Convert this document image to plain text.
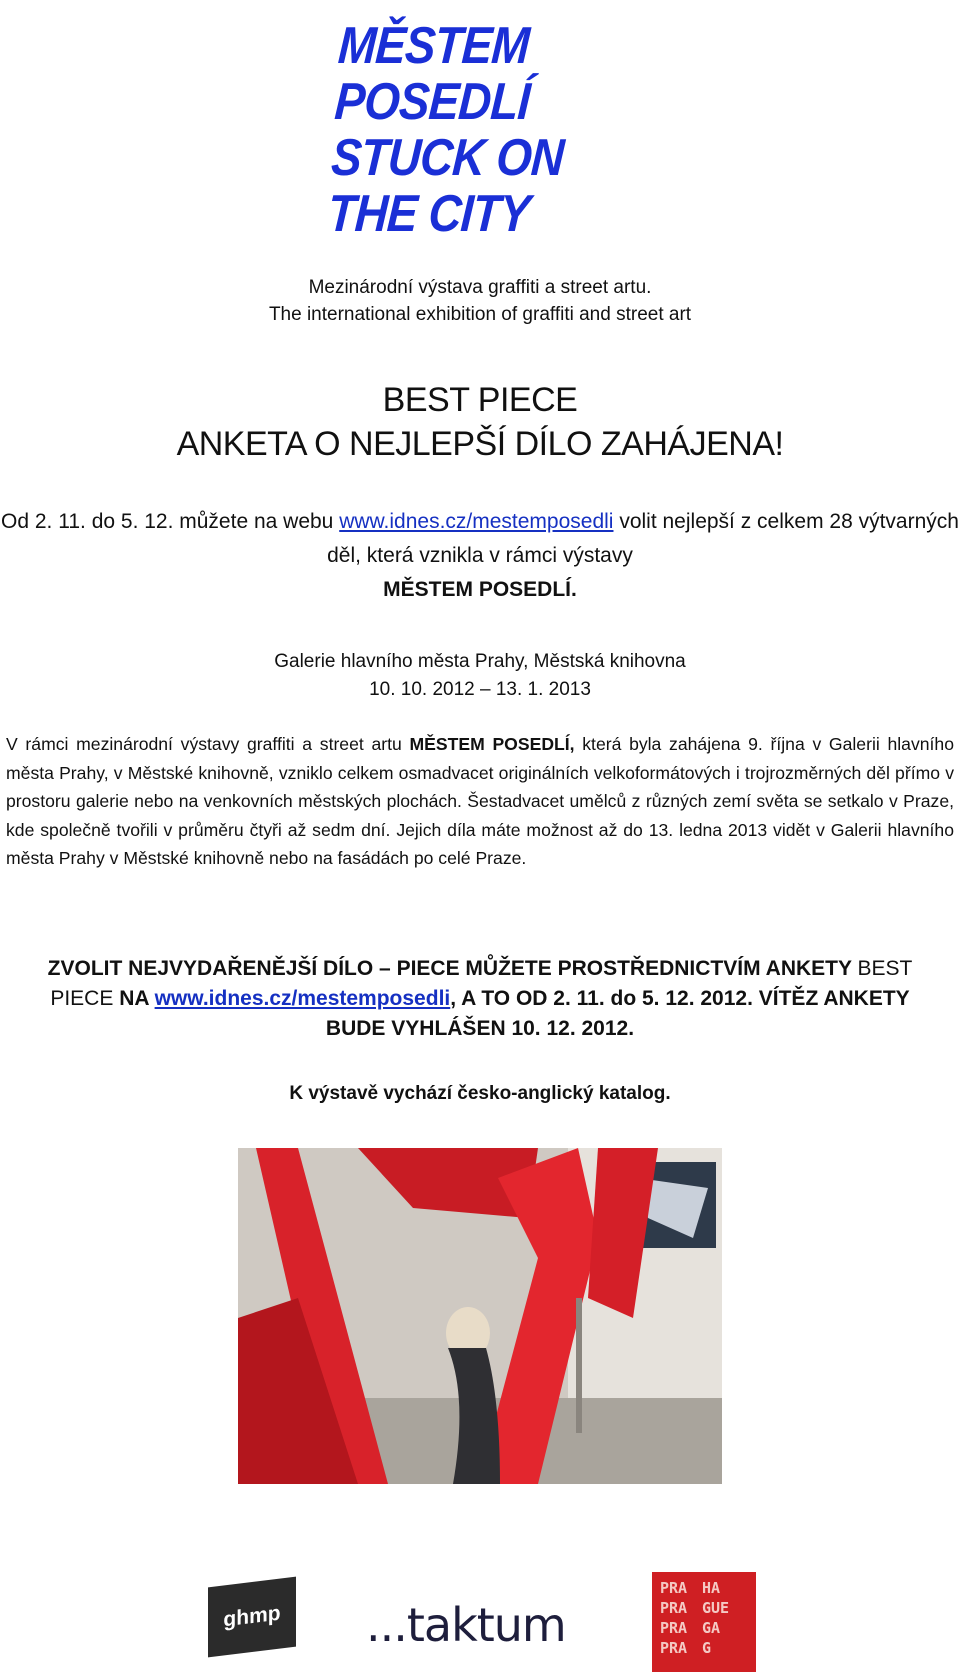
MĚSTEM
POSEDLÍ
STUCK ON
THE CITY
Mezinárodní výstava graffiti a street artu.
The international exhibition of graffiti and street art
BEST PIECE
ANKETA O NEJLEPŠÍ DÍLO ZAHÁJENA!
Od 2. 11. do 5. 12. můžete na webu www.idnes.cz/mestemposedli volit nejlepší z celkem 28 výtvarných děl, která vznikla v rámci výstavy
MĚSTEM POSEDLÍ.
Galerie hlavního města Prahy, Městská knihovna
10. 10. 2012 – 13. 1. 2013
V rámci mezinárodní výstavy graffiti a street artu MĚSTEM POSEDLÍ, která byla zahájena 9. října v Galerii hlavního města Prahy, v Městské knihovně, vzniklo celkem osmadvacet originálních velkoformátových i trojrozměrných děl přímo v prostoru galerie nebo na venkovních městských plochách. Šestadvacet umělců z různých zemí světa se setkalo v Praze, kde společně tvořili v průměru čtyři až sedm dní. Jejich díla máte možnost až do 13. ledna 2013 vidět v Galerii hlavního města Prahy v Městské knihovně nebo na fasádách po celé Praze.
ZVOLIT NEJVYDAŘENĚJŠÍ DÍLO – PIECE MŮŽETE PROSTŘEDNICTVÍM ANKETY BEST PIECE NA www.idnes.cz/mestemposedli, A TO OD 2. 11. do 5. 12. 2012. VÍTĚZ ANKETY BUDE VYHLÁŠEN 10. 12. 2012.
K výstavě vychází česko-anglický katalog.
ghmp ...taktum
PRA HA
PRA GUE
PRA GA
PRA G
